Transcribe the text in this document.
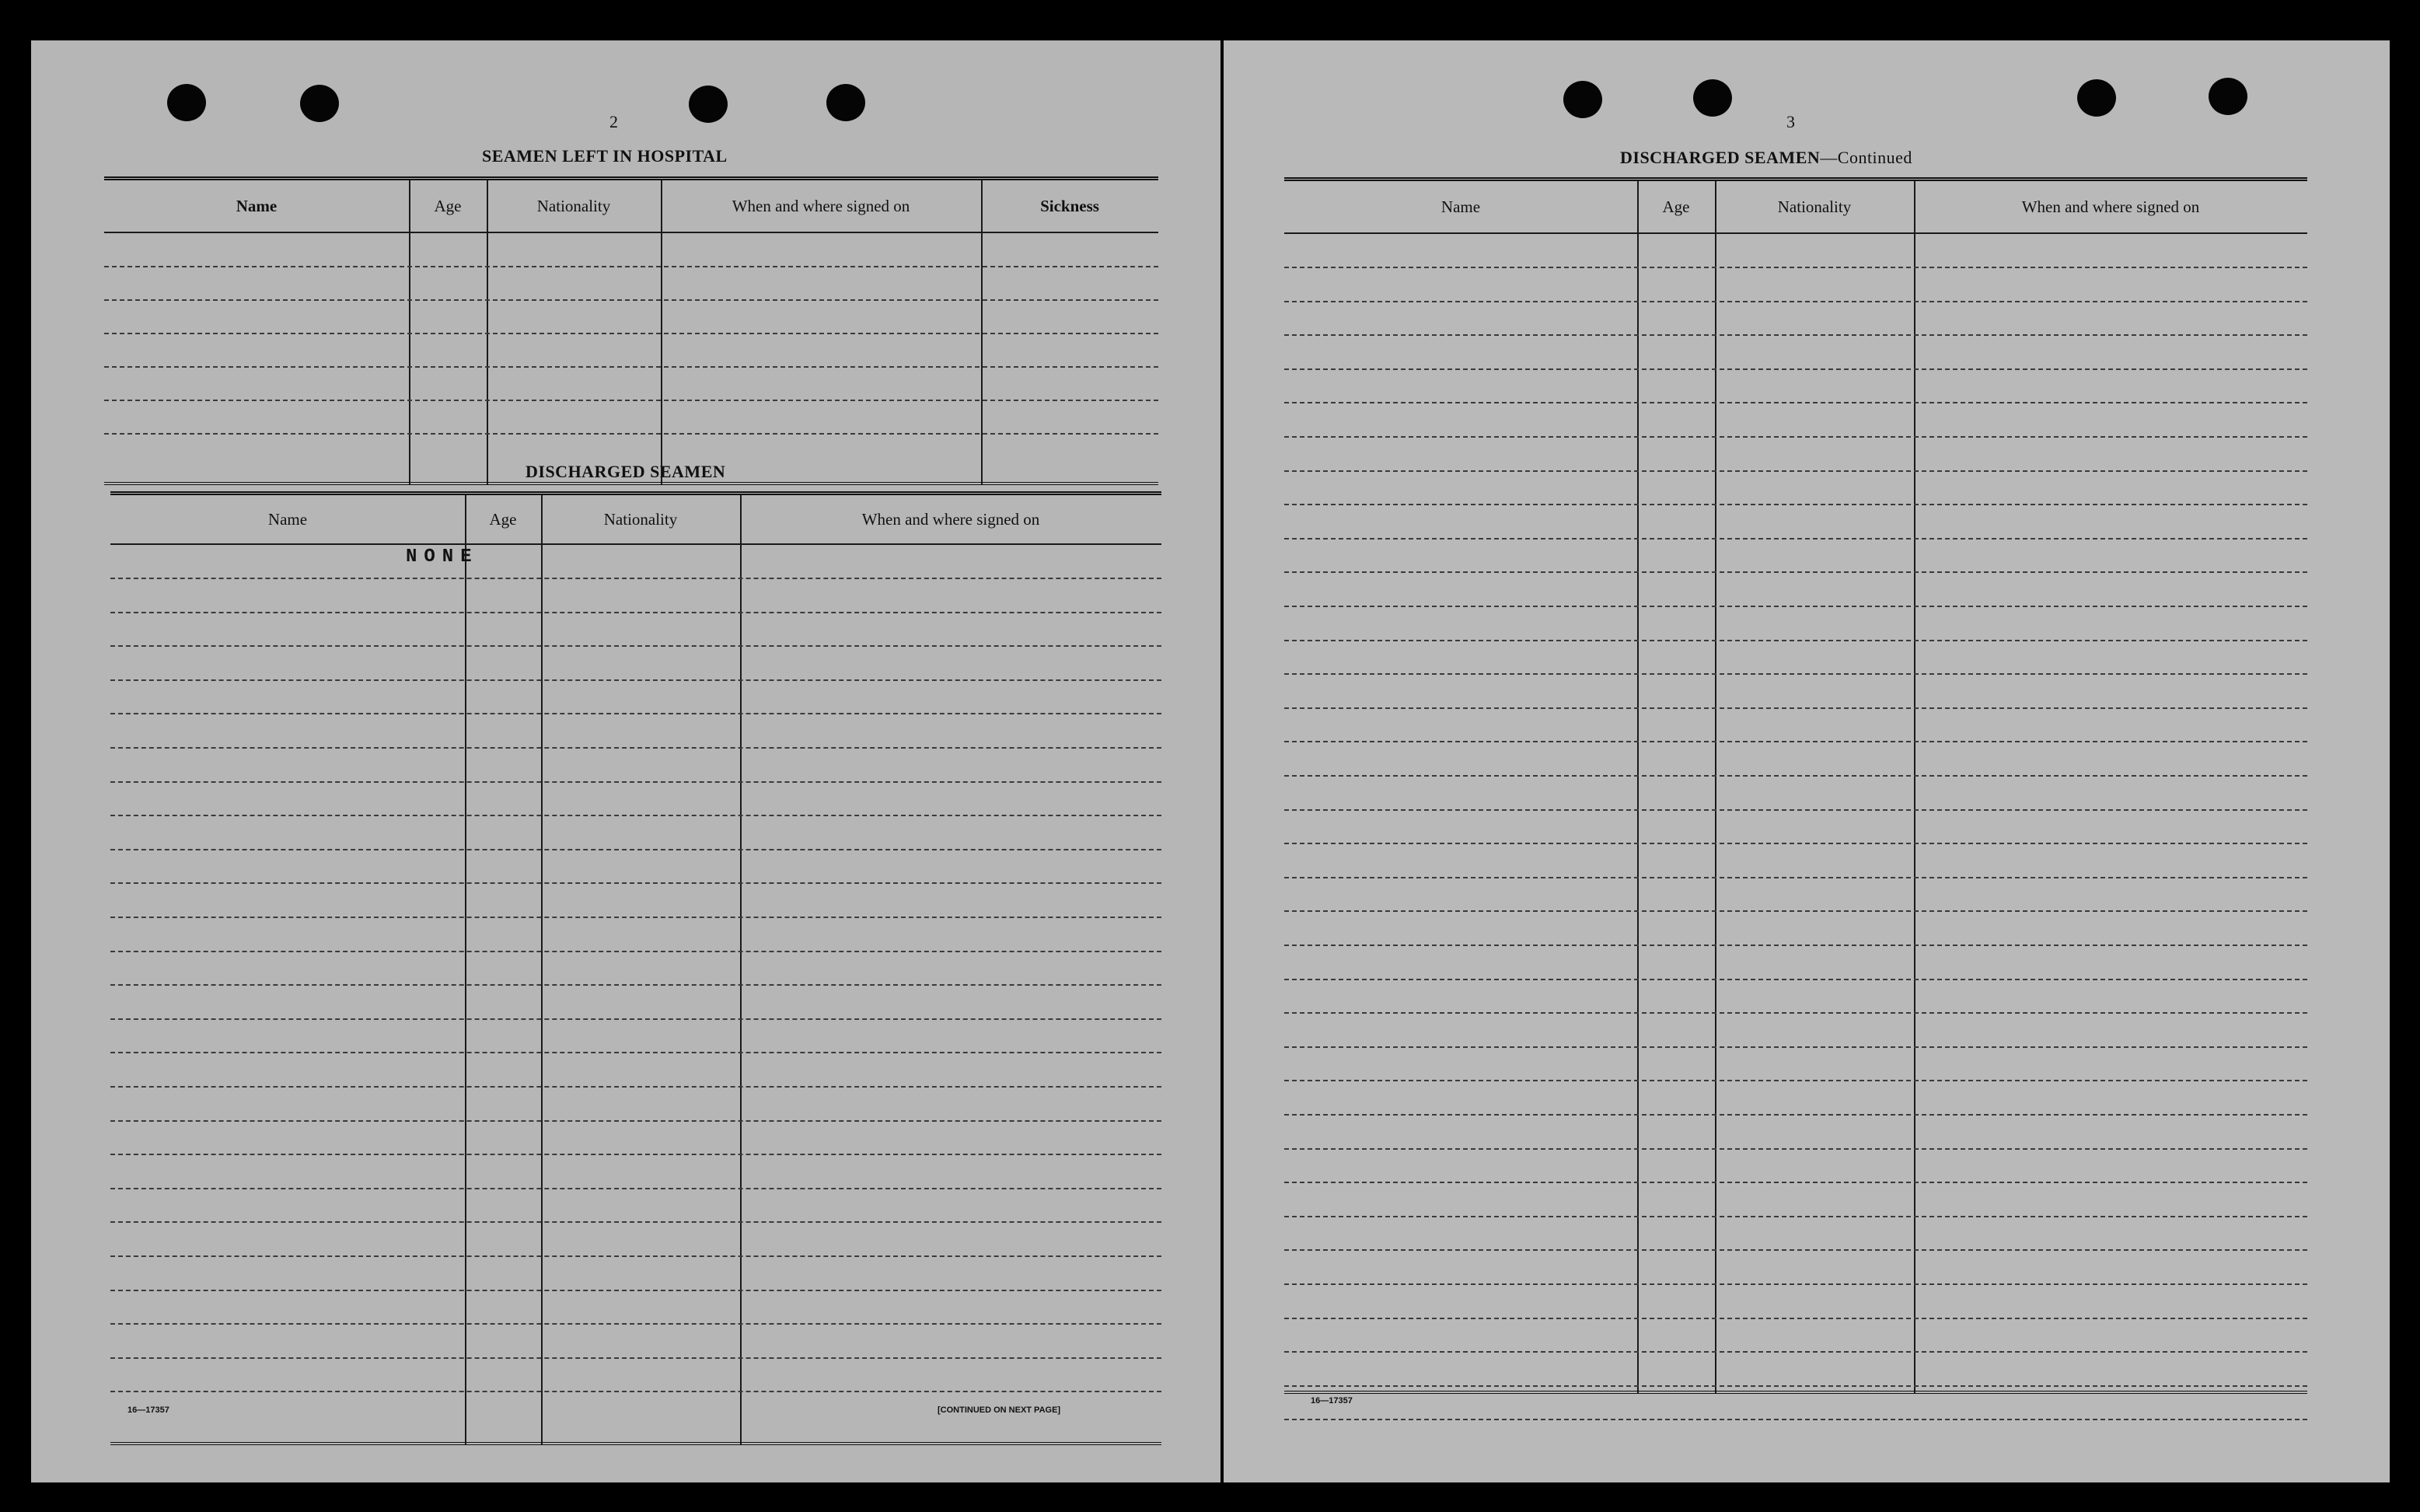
2
SEAMEN LEFT IN HOSPITAL
Name	Age	Nationality	When and where signed on	Sickness
DISCHARGED SEAMEN
Name	Age	Nationality	When and where signed on
NONE
16—17357	[CONTINUED ON NEXT PAGE]
3
DISCHARGED SEAMEN—Continued
Name	Age	Nationality	When and where signed on
16—17357
